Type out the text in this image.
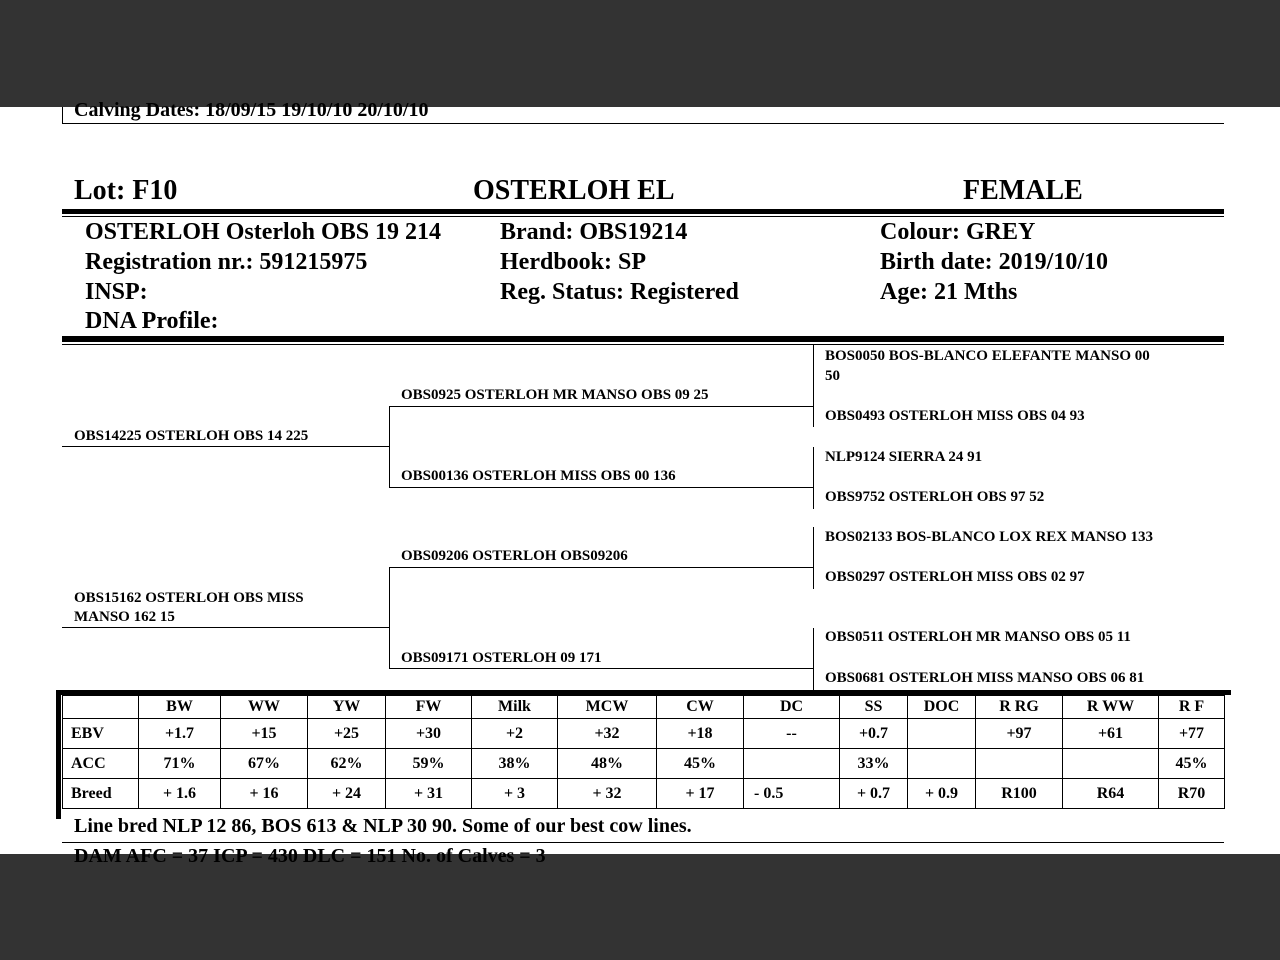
Calving Dates: 18/09/15 19/10/10 20/10/10
Lot: F10	OSTERLOH EL	FEMALE
OSTERLOH Osterloh OBS 19 214
Registration nr.: 591215975
INSP:
DNA Profile:
Brand: OBS19214
Herdbook: SP
Reg. Status: Registered
Colour: GREY
Birth date: 2019/10/10
Age: 21 Mths
OBS14225 OSTERLOH OBS 14 225
OBS15162 OSTERLOH OBS MISS
MANSO 162 15
OBS0925 OSTERLOH MR MANSO OBS 09 25
OBS00136 OSTERLOH MISS OBS 00 136
OBS09206 OSTERLOH OBS09206
OBS09171 OSTERLOH 09 171
BOS0050 BOS-BLANCO ELEFANTE MANSO 00
50
OBS0493 OSTERLOH MISS OBS 04 93
NLP9124 SIERRA 24 91
OBS9752 OSTERLOH OBS 97 52
BOS02133 BOS-BLANCO LOX REX MANSO 133
OBS0297 OSTERLOH MISS OBS 02 97
OBS0511 OSTERLOH MR MANSO OBS 05 11
OBS0681 OSTERLOH MISS MANSO OBS 06 81
	BW	WW	YW	FW	Milk	MCW	CW	DC	SS	DOC	R RG	R WW	R F
EBV	+1.7	+15	+25	+30	+2	+32	+18	--	+0.7		+97	+61	+77
ACC	71%	67%	62%	59%	38%	48%	45%		33%				45%
Breed	+ 1.6	+ 16	+ 24	+ 31	+ 3	+ 32	+ 17	- 0.5	+ 0.7	+ 0.9	R100	R64	R70
Line bred NLP 12 86, BOS 613 & NLP 30 90. Some of our best cow lines.
DAM AFC = 37 ICP = 430 DLC = 151 No. of Calves = 3
